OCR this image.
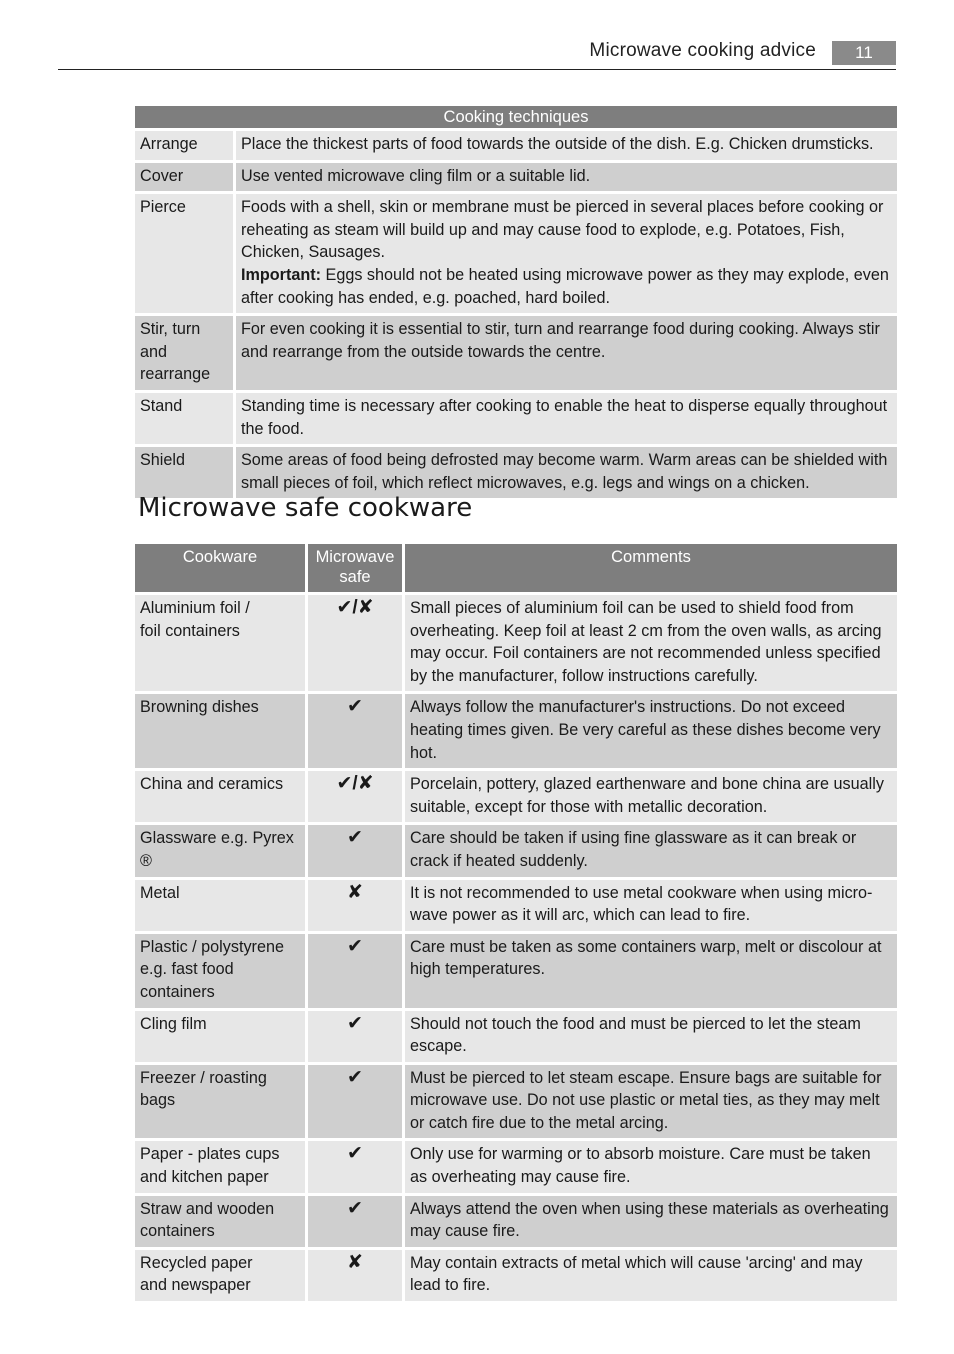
Microwave cooking advice	11
Cooking techniques	
Arrange	Place the thickest parts of food towards the outside of the dish. E.g. Chicken drumsticks.
Cover	Use vented microwave cling film or a suitable lid.
Pierce	Foods with a shell, skin or membrane must be pierced in several places before cooking or reheating as steam will build up and may cause food to explode, e.g. Potatoes, Fish, Chicken, Sausages.
Important: Eggs should not be heated using microwave power as they may explode, even after cooking has ended, e.g. poached, hard boiled.

Stir, turn and rearrange	For even cooking it is essential to stir, turn and rearrange food during cooking. Always stir and rearrange from the outside towards the centre.
Stand	Standing time is necessary after cooking to enable the heat to disperse equally throughout the food.
Shield	Some areas of food being defrosted may become warm. Warm areas can be shielded with small pieces of foil, which reflect microwaves, e.g. legs and wings on a chicken.
Microwave safe cookware
Cookware	Microwave safe	Comments
Aluminium foil /
foil containers	✔/✘	Small pieces of aluminium foil can be used to shield food from overheating. Keep foil at least 2 cm from the oven walls, as arcing may occur. Foil containers are not recommended unless specified by the manufacturer, follow instructions carefully.
Browning dishes	✔	Always follow the manufacturer's instructions. Do not exceed heating times given. Be very careful as these dishes become very hot.
China and ceramics	✔/✘	Porcelain, pottery, glazed earthenware and bone china are usually suitable, except for those with metallic decoration.
Glassware e.g. Pyrex ®	✔	Care should be taken if using fine glassware as it can break or crack if heated suddenly.
Metal	✘	It is not recommended to use metal cookware when using micro-wave power as it will arc, which can lead to fire.
Plastic / polystyrene
e.g. fast food containers	✔	Care must be taken as some containers warp, melt or discolour at high temperatures.
Cling film	✔	Should not touch the food and must be pierced to let the steam escape.
Freezer / roasting bags	✔	Must be pierced to let steam escape. Ensure bags are suitable for microwave use. Do not use plastic or metal ties, as they may melt or catch fire due to the metal arcing.
Paper - plates cups
and kitchen paper	✔	Only use for warming or to absorb moisture. Care must be taken as overheating may cause fire.
Straw and wooden
containers	✔	Always attend the oven when using these materials as overheating may cause fire.
Recycled paper
and newspaper	✘	May contain extracts of metal which will cause 'arcing' and may lead to fire.
